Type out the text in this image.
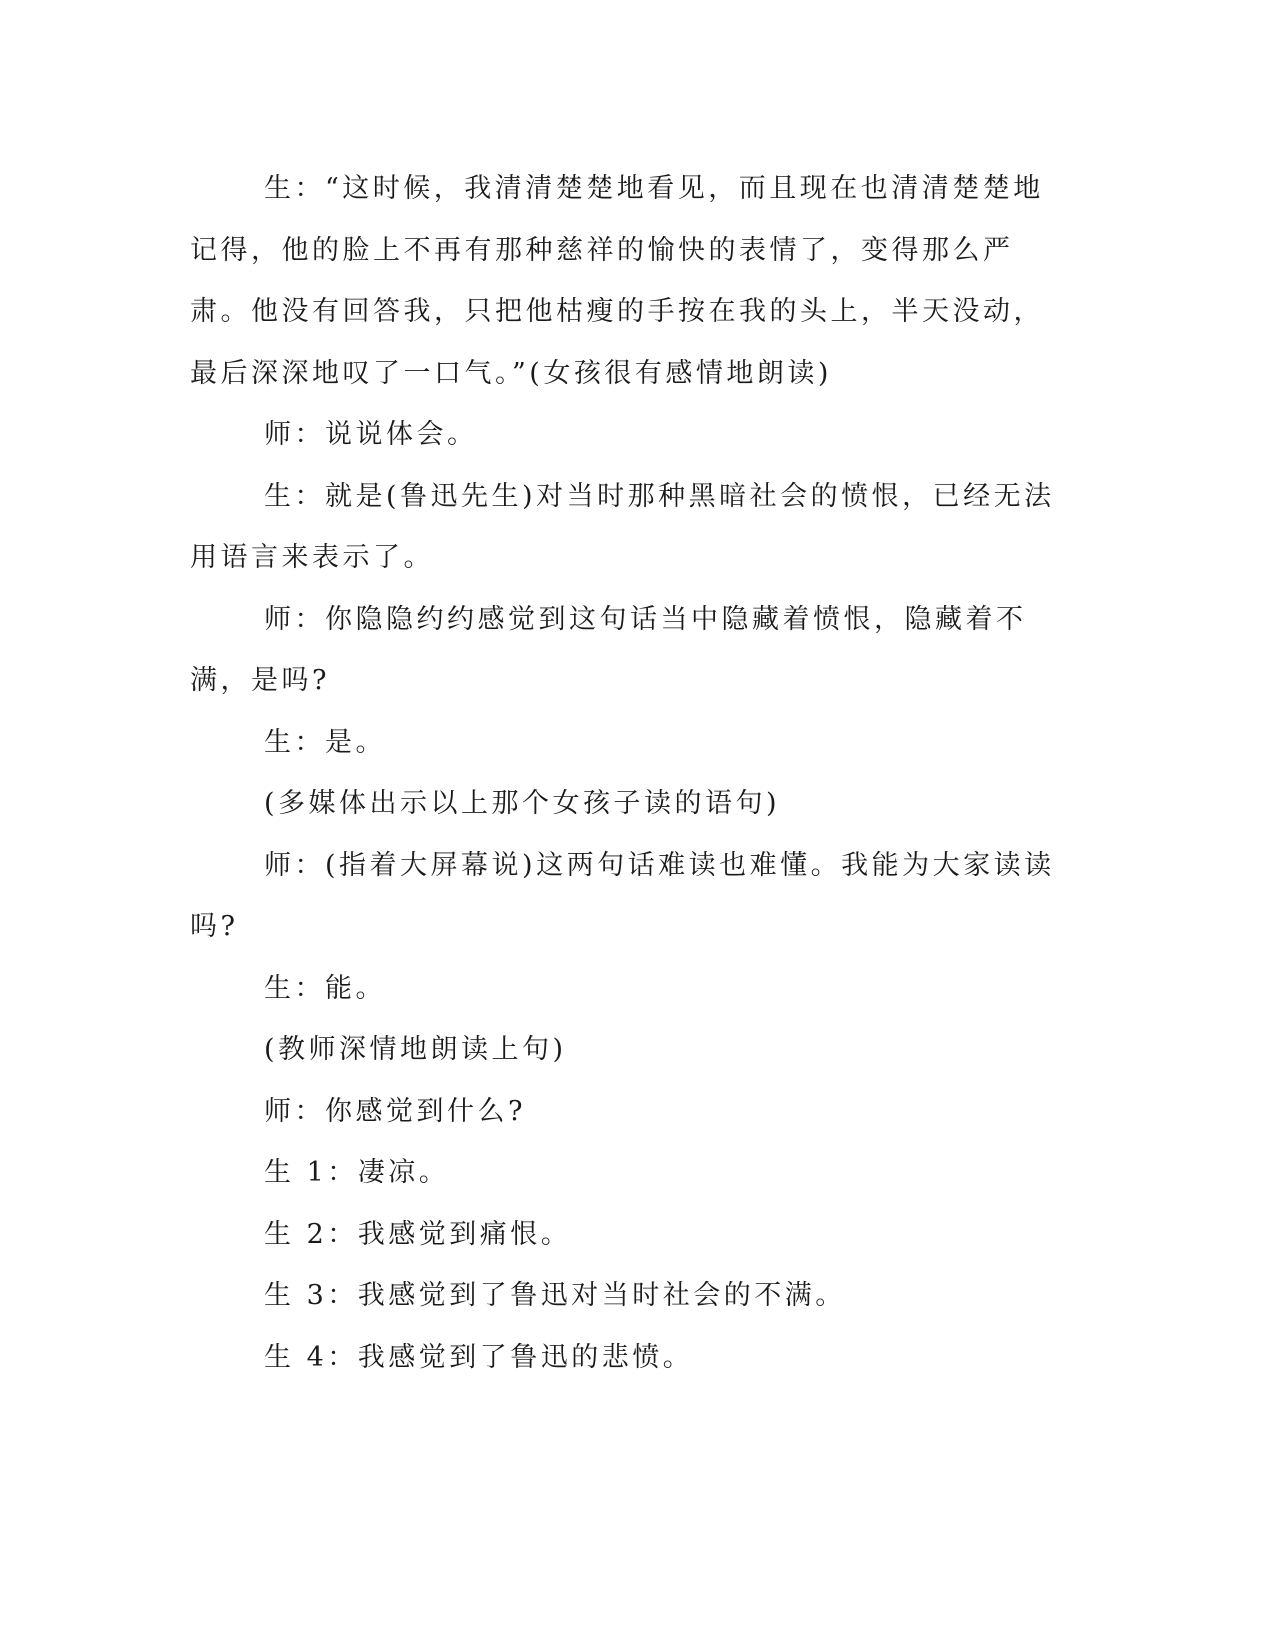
生：“这时候，我清清楚楚地看见，而且现在也清清楚楚地记得，他的脸上不再有那种慈祥的愉快的表情了，变得那么严肃。他没有回答我，只把他枯瘦的手按在我的头上，半天没动，最后深深地叹了一口气。”(女孩很有感情地朗读)

师：说说体会。

生：就是(鲁迅先生)对当时那种黑暗社会的愤恨，已经无法用语言来表示了。

师：你隐隐约约感觉到这句话当中隐藏着愤恨，隐藏着不满，是吗?

生：是。

(多媒体出示以上那个女孩子读的语句)

师：(指着大屏幕说)这两句话难读也难懂。我能为大家读读吗?

生：能。

(教师深情地朗读上句)

师：你感觉到什么?

生 1：凄凉。

生 2：我感觉到痛恨。

生 3：我感觉到了鲁迅对当时社会的不满。

生 4：我感觉到了鲁迅的悲愤。
